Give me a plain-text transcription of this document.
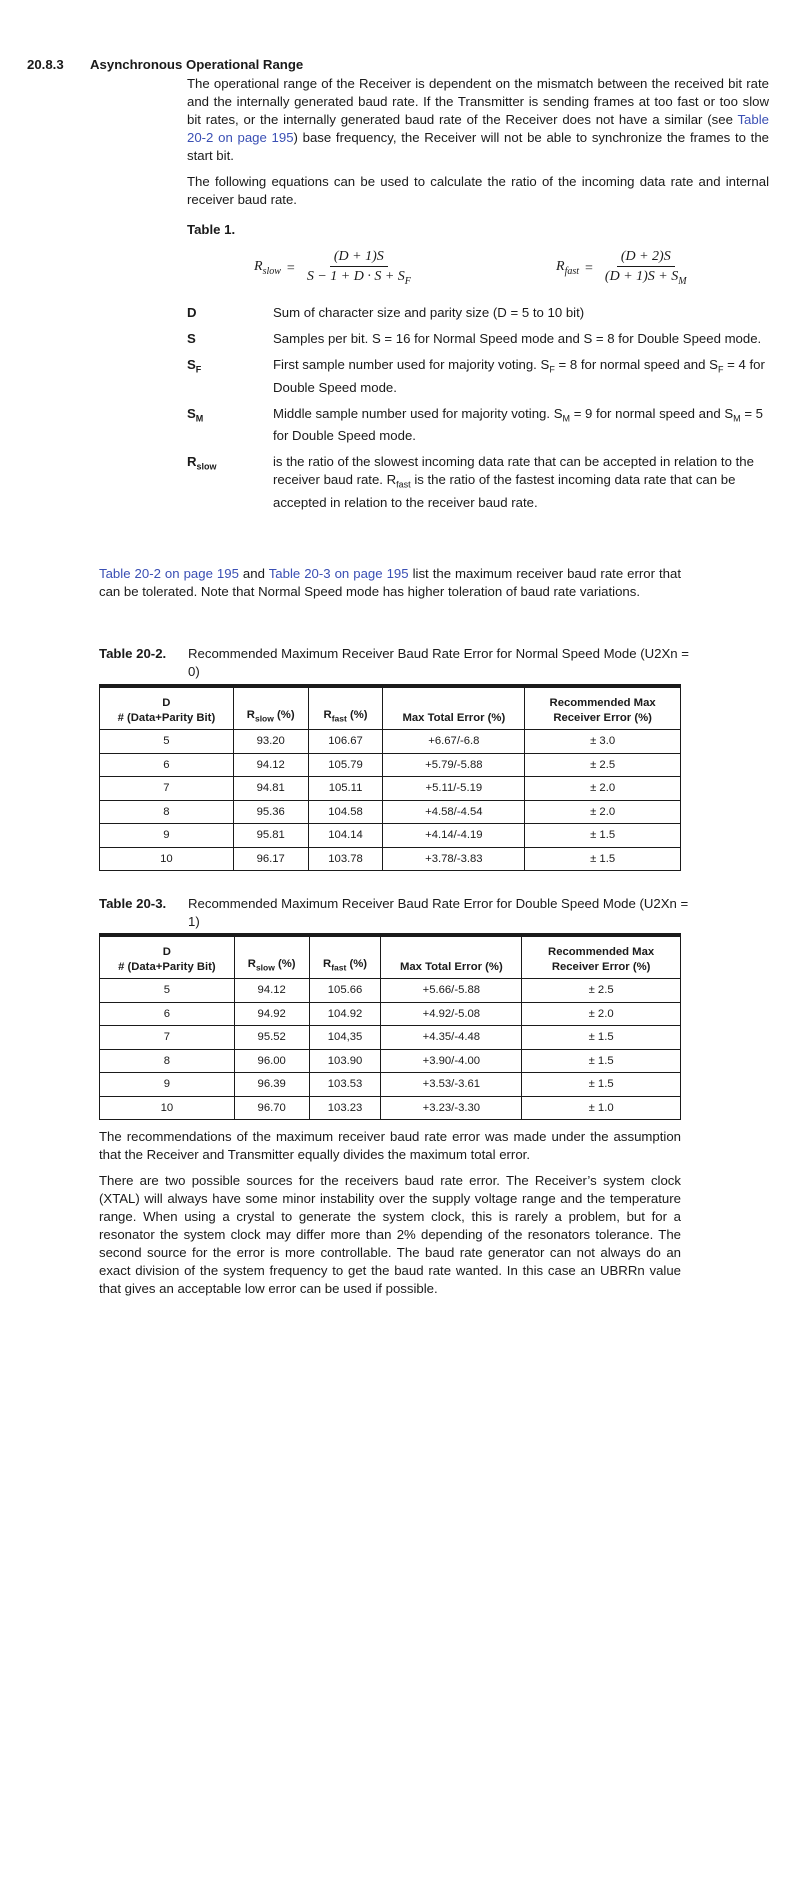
20.8.3 Asynchronous Operational Range
The operational range of the Receiver is dependent on the mismatch between the received bit rate and the internally generated baud rate. If the Transmitter is sending frames at too fast or too slow bit rates, or the internally generated baud rate of the Receiver does not have a similar (see Table 20-2 on page 195) base frequency, the Receiver will not be able to synchronize the frames to the start bit.
The following equations can be used to calculate the ratio of the incoming data rate and internal receiver baud rate.
Table 1.
$R_{slow} = \frac{(D + 1)S}{S - 1 + D \cdot S + S_F}$	$R_{fast} = \frac{(D + 2)S}{(D + 1)S + S_M}$
D	Sum of character size and parity size (D = 5 to 10 bit)
S	Samples per bit. S = 16 for Normal Speed mode and S = 8 for Double Speed mode.
$S_F$	First sample number used for majority voting. $S_F = 8$ for normal speed and $S_F = 4$ for Double Speed mode.
$S_M$	Middle sample number used for majority voting. $S_M = 9$ for normal speed and $S_M = 5$ for Double Speed mode.
$R_{slow}$	is the ratio of the slowest incoming data rate that can be accepted in relation to the receiver baud rate. $R_{fast}$ is the ratio of the fastest incoming data rate that can be accepted in relation to the receiver baud rate.
Table 20-2 on page 195 and Table 20-3 on page 195 list the maximum receiver baud rate error that can be tolerated. Note that Normal Speed mode has higher toleration of baud rate variations.
Table 20-2.	Recommended Maximum Receiver Baud Rate Error for Normal Speed Mode (U2Xn = 0)
D
# (Data+Parity Bit)	$R_{slow}$ (%)	$R_{fast}$ (%)	Max Total Error (%)	Recommended Max
Receiver Error (%)
5	93.20	106.67	+6.67/-6.8	± 3.0
6	94.12	105.79	+5.79/-5.88	± 2.5
7	94.81	105.11	+5.11/-5.19	± 2.0
8	95.36	104.58	+4.58/-4.54	± 2.0
9	95.81	104.14	+4.14/-4.19	± 1.5
10	96.17	103.78	+3.78/-3.83	± 1.5
Table 20-3.	Recommended Maximum Receiver Baud Rate Error for Double Speed Mode (U2Xn = 1)
D
# (Data+Parity Bit)	$R_{slow}$ (%)	$R_{fast}$ (%)	Max Total Error (%)	Recommended Max
Receiver Error (%)
5	94.12	105.66	+5.66/-5.88	± 2.5
6	94.92	104.92	+4.92/-5.08	± 2.0
7	95.52	104,35	+4.35/-4.48	± 1.5
8	96.00	103.90	+3.90/-4.00	± 1.5
9	96.39	103.53	+3.53/-3.61	± 1.5
10	96.70	103.23	+3.23/-3.30	± 1.0
The recommendations of the maximum receiver baud rate error was made under the assumption that the Receiver and Transmitter equally divides the maximum total error.
There are two possible sources for the receivers baud rate error. The Receiver’s system clock (XTAL) will always have some minor instability over the supply voltage range and the temperature range. When using a crystal to generate the system clock, this is rarely a problem, but for a resonator the system clock may differ more than 2% depending of the resonators tolerance. The second source for the error is more controllable. The baud rate generator can not always do an exact division of the system frequency to get the baud rate wanted. In this case an UBRRn value that gives an acceptable low error can be used if possible.
